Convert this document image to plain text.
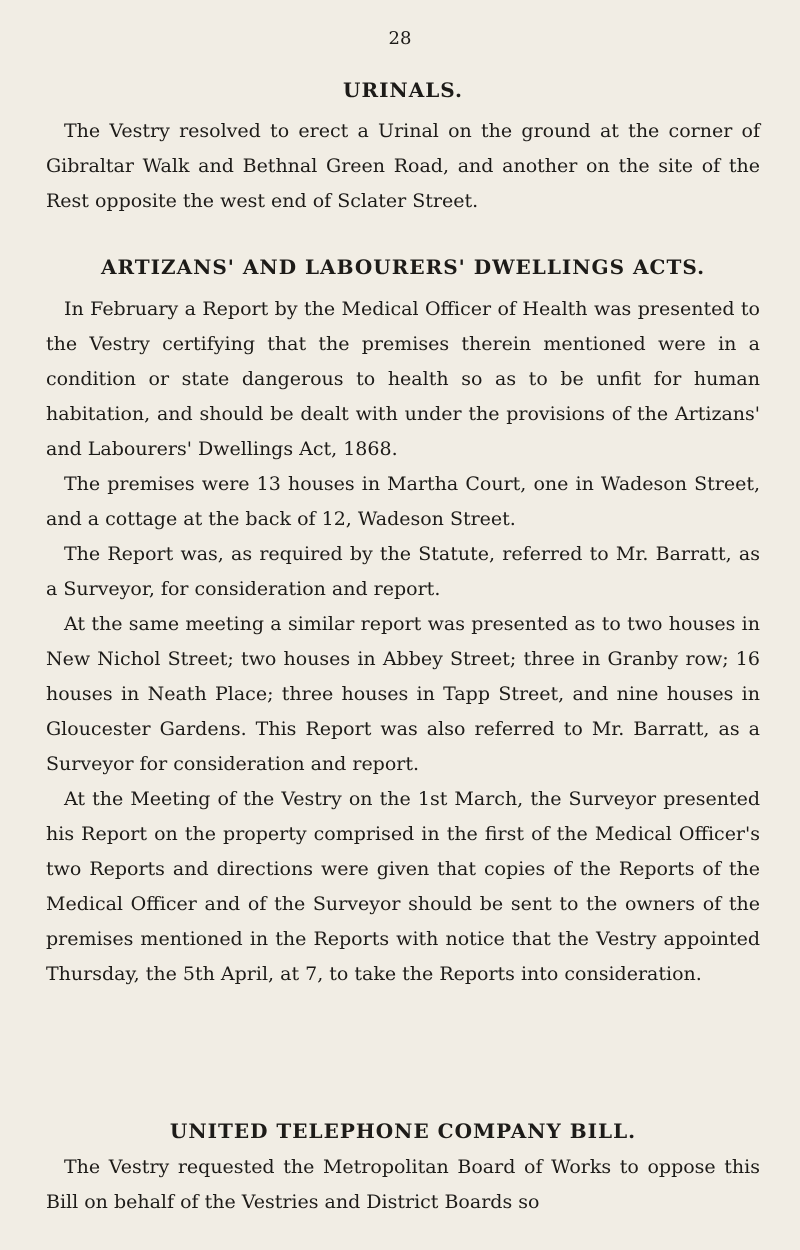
28
URINALS.

The Vestry resolved to erect a Urinal on the ground at the corner of Gibraltar Walk and Bethnal Green Road, and another on the site of the Rest opposite the west end of Sclater Street.

ARTIZANS' AND LABOURERS' DWELLINGS ACTS.

In February a Report by the Medical Officer of Health was presented to the Vestry certifying that the premises therein mentioned were in a condition or state dangerous to health so as to be unfit for human habitation, and should be dealt with under the provisions of the Artizans' and Labourers' Dwellings Act, 1868.

The premises were 13 houses in Martha Court, one in Wadeson Street, and a cottage at the back of 12, Wadeson Street.

The Report was, as required by the Statute, referred to Mr. Barratt, as a Surveyor, for consideration and report.

At the same meeting a similar report was presented as to two houses in New Nichol Street; two houses in Abbey Street; three in Granby row; 16 houses in Neath Place; three houses in Tapp Street, and nine houses in Gloucester Gardens. This Report was also referred to Mr. Barratt, as a Surveyor for consideration and report.

At the Meeting of the Vestry on the 1st March, the Surveyor presented his Report on the property comprised in the first of the Medical Officer's two Reports and directions were given that copies of the Reports of the Medical Officer and of the Surveyor should be sent to the owners of the premises mentioned in the Reports with notice that the Vestry appointed Thursday, the 5th April, at 7, to take the Reports into consideration.

UNITED TELEPHONE COMPANY BILL.

The Vestry requested the Metropolitan Board of Works to oppose this Bill on behalf of the Vestries and District Boards so
